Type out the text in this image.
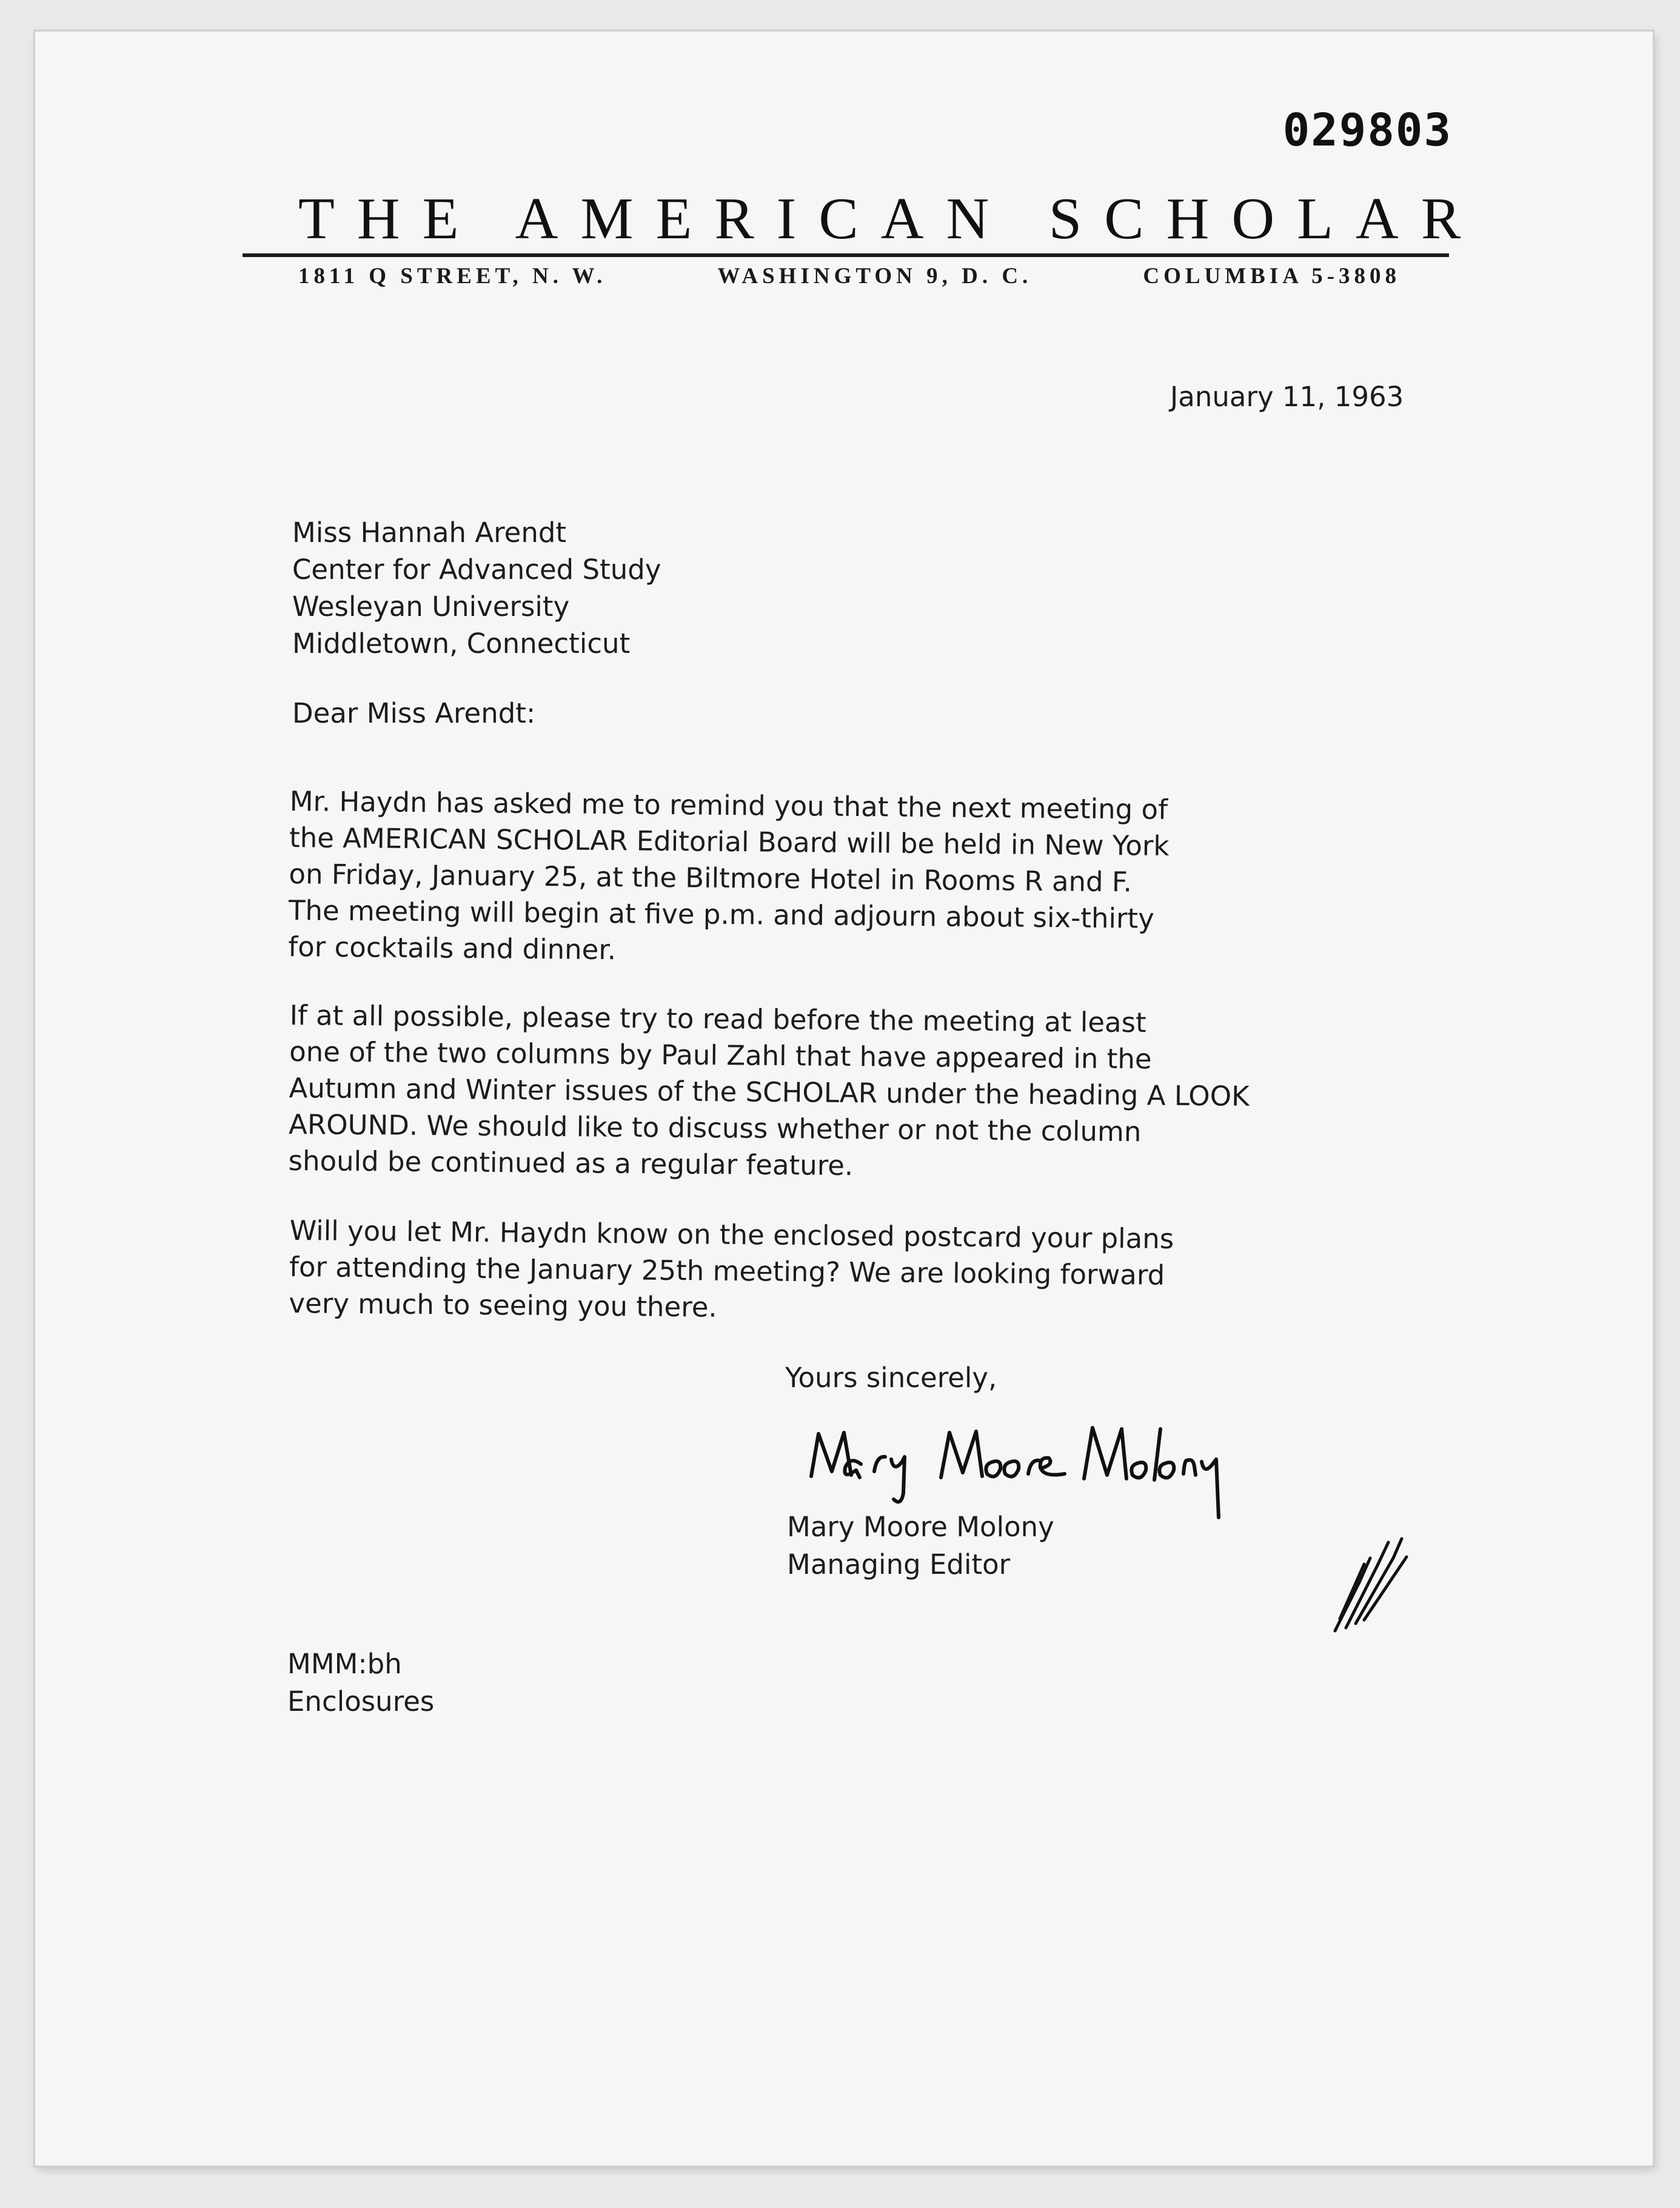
029803
THE AMERICAN SCHOLAR
1811 Q STREET, N. W.	WASHINGTON 9, D. C.	COLUMBIA 5-3808
January 11, 1963
Miss Hannah Arendt
Center for Advanced Study
Wesleyan University
Middletown, Connecticut
Dear Miss Arendt:
Mr. Haydn has asked me to remind you that the next meeting of
the AMERICAN SCHOLAR Editorial Board will be held in New York
on Friday, January 25, at the Biltmore Hotel in Rooms R and F.
The meeting will begin at five p.m. and adjourn about six-thirty
for cocktails and dinner.
If at all possible, please try to read before the meeting at least
one of the two columns by Paul Zahl that have appeared in the
Autumn and Winter issues of the SCHOLAR under the heading A LOOK
AROUND. We should like to discuss whether or not the column
should be continued as a regular feature.
Will you let Mr. Haydn know on the enclosed postcard your plans
for attending the January 25th meeting? We are looking forward
very much to seeing you there.
Yours sincerely,
Mary Moore Molony
Managing Editor
MMM:bh
Enclosures
